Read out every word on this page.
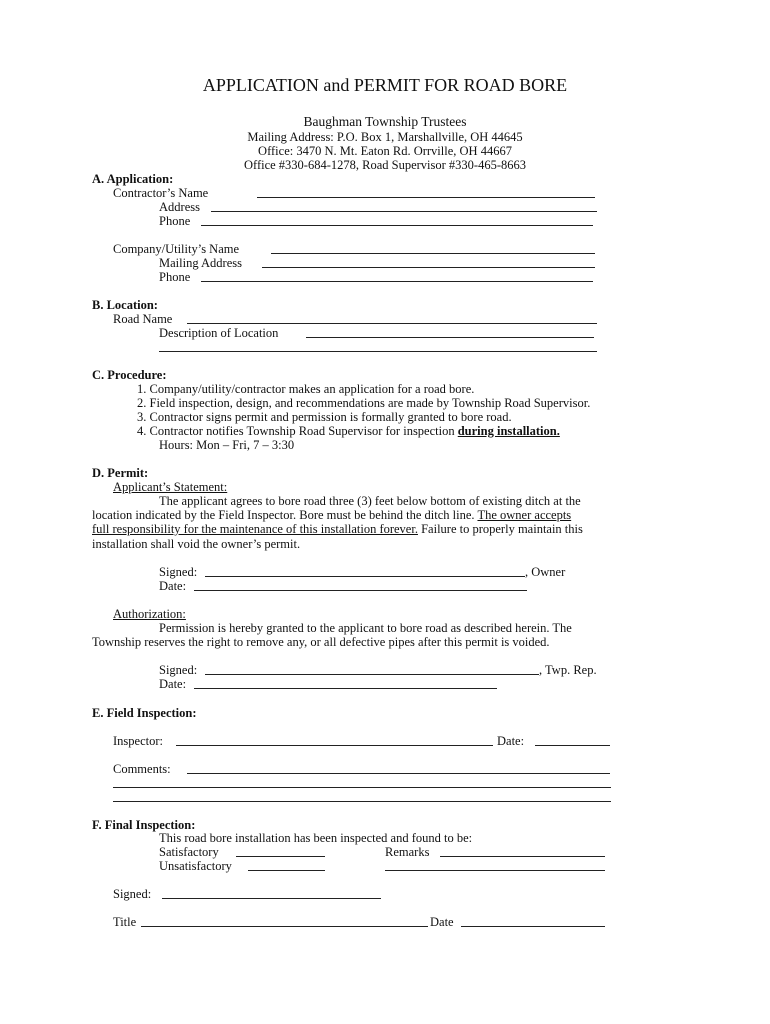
APPLICATION and PERMIT FOR ROAD BORE
Baughman Township Trustees
Mailing Address: P.O. Box 1, Marshallville, OH 44645
Office: 3470 N. Mt. Eaton Rd. Orrville, OH 44667
Office #330-684-1278, Road Supervisor #330-465-8663
A. Application:
Contractor’s Name
Address
Phone
Company/Utility’s Name
Mailing Address
Phone
B. Location:
Road Name
Description of Location
C. Procedure:
1. Company/utility/contractor makes an application for a road bore.
2. Field inspection, design, and recommendations are made by Township Road Supervisor.
3. Contractor signs permit and permission is formally granted to bore road.
4. Contractor notifies Township Road Supervisor for inspection during installation.
Hours: Mon – Fri, 7 – 3:30
D. Permit:
Applicant’s Statement:
The applicant agrees to bore road three (3) feet below bottom of existing ditch at the
location indicated by the Field Inspector. Bore must be behind the ditch line. The owner accepts
full responsibility for the maintenance of this installation forever. Failure to properly maintain this
installation shall void the owner’s permit.
Signed:	, Owner
Date:
Authorization:
Permission is hereby granted to the applicant to bore road as described herein. The
Township reserves the right to remove any, or all defective pipes after this permit is voided.
Signed:	, Twp. Rep.
Date:
E. Field Inspection:
Inspector:	Date:
Comments:
F. Final Inspection:
This road bore installation has been inspected and found to be:
Satisfactory	Remarks
Unsatisfactory
Signed:
Title	Date
